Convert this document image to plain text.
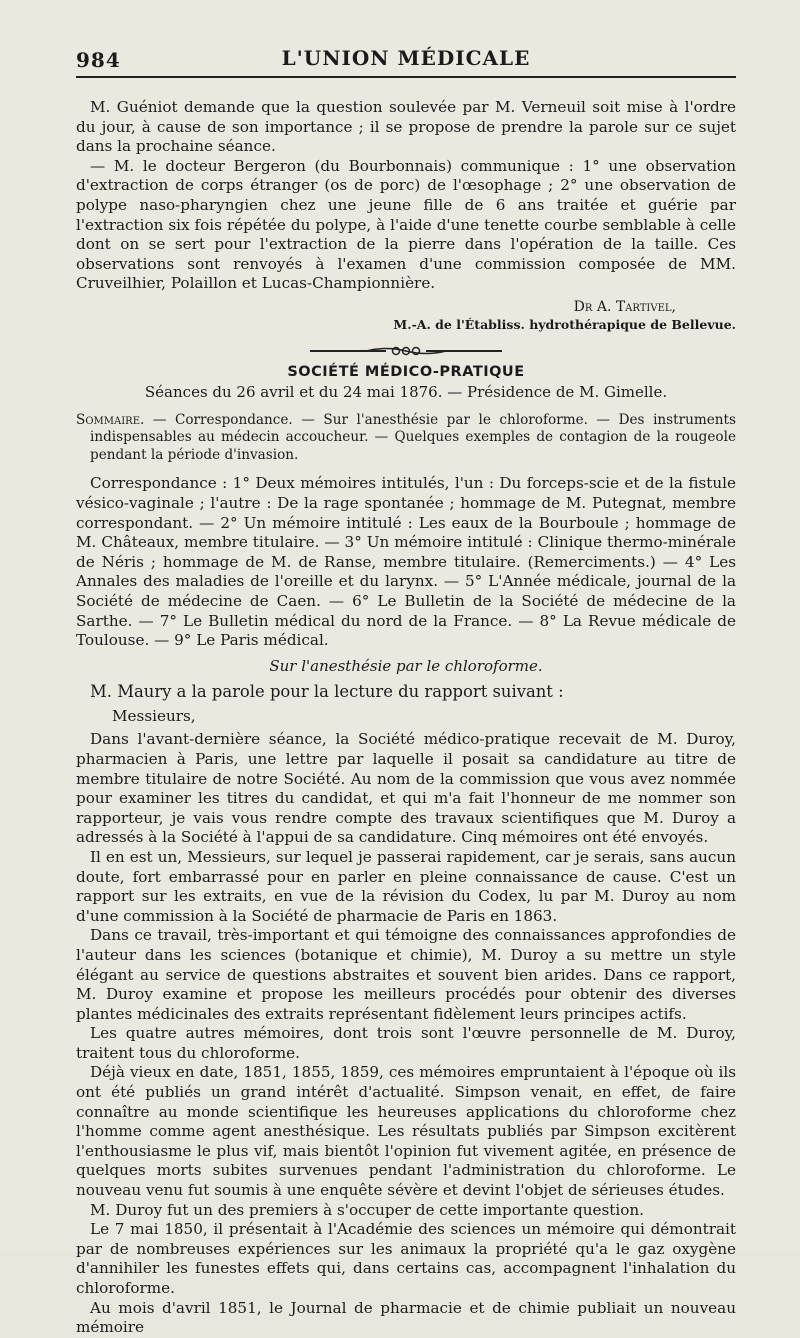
984	L'UNION MÉDICALE

M. Guéniot demande que la question soulevée par M. Verneuil soit mise à l'ordre du jour, à cause de son importance ; il se propose de prendre la parole sur ce sujet dans la prochaine séance.

— M. le docteur Bergeron (du Bourbonnais) communique : 1° une observation d'extraction de corps étranger (os de porc) de l'œsophage ; 2° une observation de polype naso-pharyngien chez une jeune fille de 6 ans traitée et guérie par l'extraction six fois répétée du polype, à l'aide d'une tenette courbe semblable à celle dont on se sert pour l'extraction de la pierre dans l'opération de la taille. Ces observations sont renvoyés à l'examen d'une commission composée de MM. Cruveilhier, Polaillon et Lucas-Championnière.

Dr A. Tartivel,
M.-A. de l'Établiss. hydrothérapique de Bellevue.
SOCIÉTÉ MÉDICO-PRATIQUE
Séances du 26 avril et du 24 mai 1876. — Présidence de M. Gimelle.
Sommaire. — Correspondance. — Sur l'anesthésie par le chloroforme. — Des instruments indispensables au médecin accoucheur. — Quelques exemples de contagion de la rougeole pendant la période d'invasion.

Correspondance : 1° Deux mémoires intitulés, l'un : Du forceps-scie et de la fistule vésico-vaginale ; l'autre : De la rage spontanée ; hommage de M. Putegnat, membre correspondant. — 2° Un mémoire intitulé : Les eaux de la Bourboule ; hommage de M. Châteaux, membre titulaire. — 3° Un mémoire intitulé : Clinique thermo-minérale de Néris ; hommage de M. de Ranse, membre titulaire. (Remerciments.) — 4° Les Annales des maladies de l'oreille et du larynx. — 5° L'Année médicale, journal de la Société de médecine de Caen. — 6° Le Bulletin de la Société de médecine de la Sarthe. — 7° Le Bulletin médical du nord de la France. — 8° La Revue médicale de Toulouse. — 9° Le Paris médical.

Sur l'anesthésie par le chloroforme.

M. Maury a la parole pour la lecture du rapport suivant :

Messieurs,

Dans l'avant-dernière séance, la Société médico-pratique recevait de M. Duroy, pharmacien à Paris, une lettre par laquelle il posait sa candidature au titre de membre titulaire de notre Société. Au nom de la commission que vous avez nommée pour examiner les titres du candidat, et qui m'a fait l'honneur de me nommer son rapporteur, je vais vous rendre compte des travaux scientifiques que M. Duroy a adressés à la Société à l'appui de sa candidature. Cinq mémoires ont été envoyés.

Il en est un, Messieurs, sur lequel je passerai rapidement, car je serais, sans aucun doute, fort embarrassé pour en parler en pleine connaissance de cause. C'est un rapport sur les extraits, en vue de la révision du Codex, lu par M. Duroy au nom d'une commission à la Société de pharmacie de Paris en 1863.

Dans ce travail, très-important et qui témoigne des connaissances approfondies de l'auteur dans les sciences (botanique et chimie), M. Duroy a su mettre un style élégant au service de questions abstraites et souvent bien arides. Dans ce rapport, M. Duroy examine et propose les meilleurs procédés pour obtenir des diverses plantes médicinales des extraits représentant fidèlement leurs principes actifs.

Les quatre autres mémoires, dont trois sont l'œuvre personnelle de M. Duroy, traitent tous du chloroforme.

Déjà vieux en date, 1851, 1855, 1859, ces mémoires empruntaient à l'époque où ils ont été publiés un grand intérêt d'actualité. Simpson venait, en effet, de faire connaître au monde scientifique les heureuses applications du chloroforme chez l'homme comme agent anesthésique. Les résultats publiés par Simpson excitèrent l'enthousiasme le plus vif, mais bientôt l'opinion fut vivement agitée, en présence de quelques morts subites survenues pendant l'administration du chloroforme. Le nouveau venu fut soumis à une enquête sévère et devint l'objet de sérieuses études.

M. Duroy fut un des premiers à s'occuper de cette importante question.

Le 7 mai 1850, il présentait à l'Académie des sciences un mémoire qui démontrait par de nombreuses expériences sur les animaux la propriété qu'a le gaz oxygène d'annihiler les funestes effets qui, dans certains cas, accompagnent l'inhalation du chloroforme.

Au mois d'avril 1851, le Journal de pharmacie et de chimie publiait un nouveau mémoire
